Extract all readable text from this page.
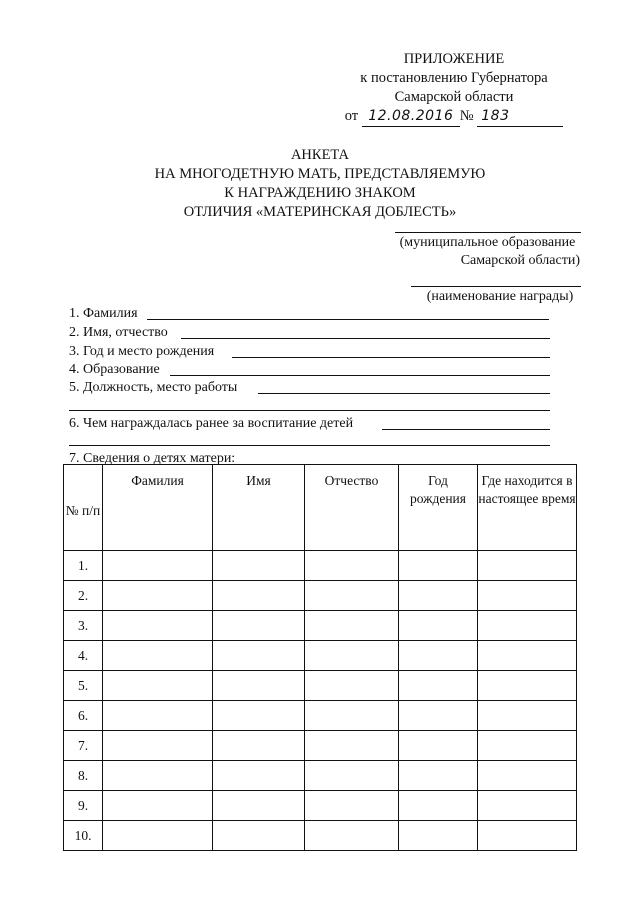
ПРИЛОЖЕНИЕ
к постановлению Губернатора
Самарской области
от 12.08.2016 № 183
АНКЕТА
НА МНОГОДЕТНУЮ МАТЬ, ПРЕДСТАВЛЯЕМУЮ
К НАГРАЖДЕНИЮ ЗНАКОМ
ОТЛИЧИЯ «МАТЕРИНСКАЯ ДОБЛЕСТЬ»
(муниципальное образование
Самарской области)
(наименование награды)
1. Фамилия
2. Имя, отчество
3. Год и место рождения
4. Образование
5. Должность, место работы
6. Чем награждалась ранее за воспитание детей
7. Сведения о детях матери:
№ п/п	Фамилия	Имя	Отчество	Год рождения	Где находится в настоящее время
1.					
2.					
3.					
4.					
5.					
6.					
7.					
8.					
9.					
10.					
